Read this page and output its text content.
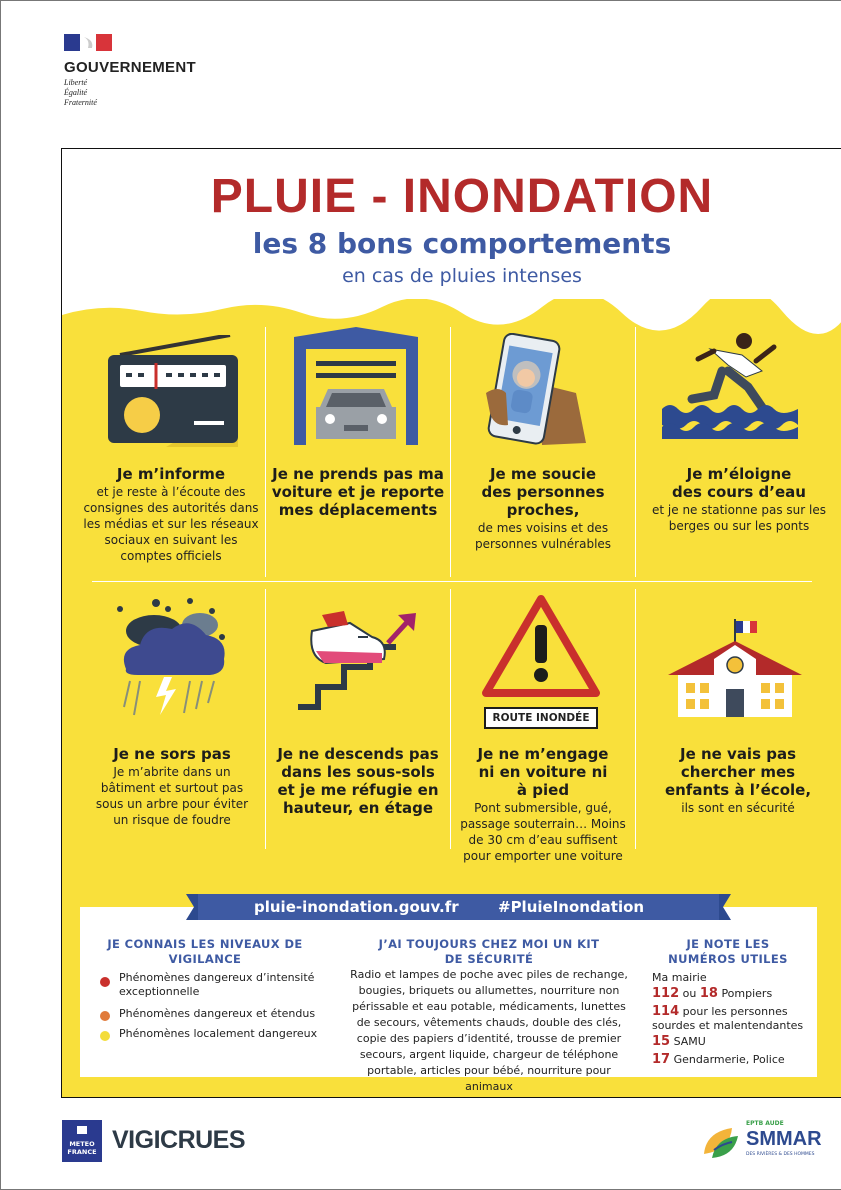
GOUVERNEMENT
Liberté
Égalité
Fraternité
PLUIE - INONDATION
les 8 bons comportements
en cas de pluies intenses
ROUTE INONDÉE
Je m’informe
et je reste à l’écoute des consignes des autorités dans les médias et sur les réseaux sociaux en suivant les comptes officiels
Je ne prends pas ma voiture et je reporte mes déplacements
Je me soucie des personnes proches,
de mes voisins et des personnes vulnérables
Je m’éloigne des cours d’eau
et je ne stationne pas sur les berges ou sur les ponts
Je ne sors pas
Je m’abrite dans un bâtiment et surtout pas sous un arbre pour éviter un risque de foudre
Je ne descends pas dans les sous-sols et je me réfugie en hauteur, en étage
Je ne m’engage ni en voiture ni à pied
Pont submersible, gué, passage souterrain… Moins de 30 cm d’eau suffisent pour emporter une voiture
Je ne vais pas chercher mes enfants à l’école,
ils sont en sécurité
JE CONNAIS LES NIVEAUX DE VIGILANCE
Phénomènes dangereux d’intensité exceptionnelle
Phénomènes dangereux et étendus
Phénomènes localement dangereux
J’AI TOUJOURS CHEZ MOI UN KIT DE SÉCURITÉ
Radio et lampes de poche avec piles de rechange, bougies, briquets ou allumettes, nourriture non périssable et eau potable, médicaments, lunettes de secours, vêtements chauds, double des clés, copie des papiers d’identité, trousse de premier secours, argent liquide, chargeur de téléphone portable, articles pour bébé, nourriture pour animaux
JE NOTE LES NUMÉROS UTILES
Ma mairie
112 ou 18 Pompiers
114 pour les personnes sourdes et malentendantes
15 SAMU
17 Gendarmerie, Police
pluie-inondation.gouv.fr	#PluieInondation
METEO FRANCE VIGICRUES
EPTB AUDE
SMMAR
DES RIVIÈRES & DES HOMMES
